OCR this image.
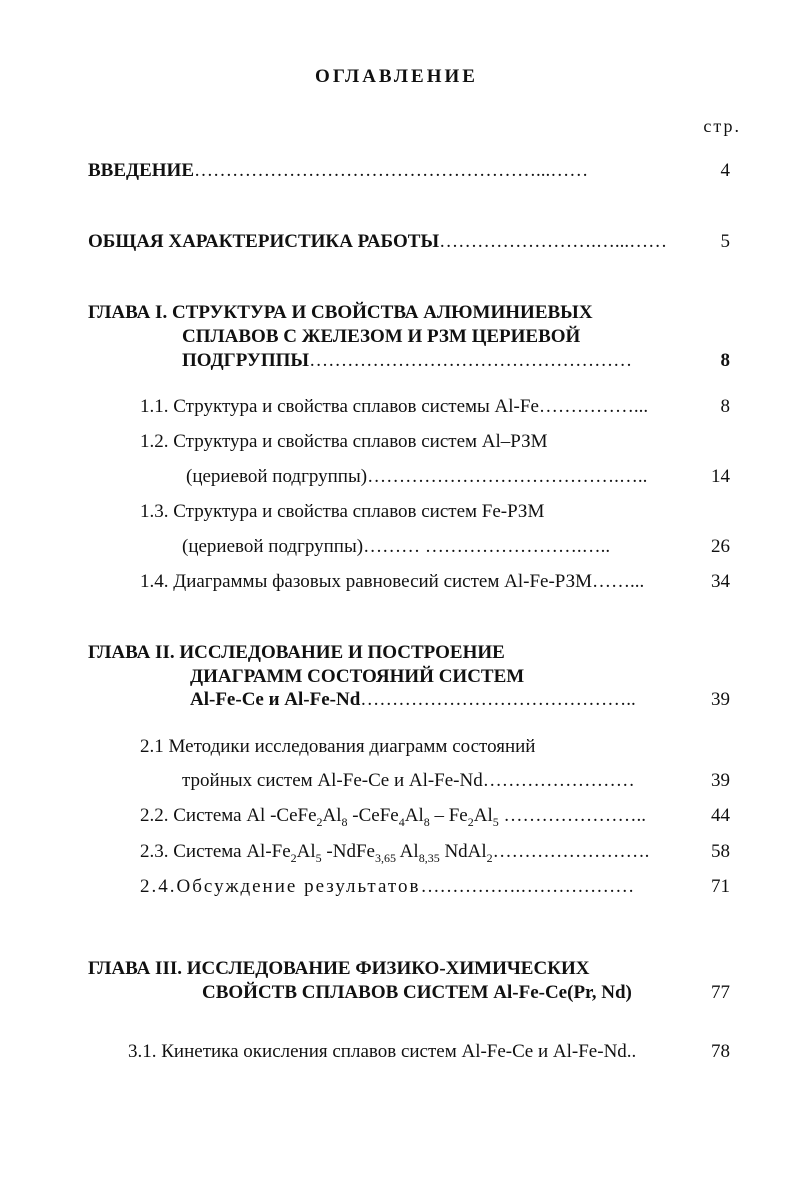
ОГЛАВЛЕНИЕ
стр.
ВВЕДЕНИЕ………………………………………………...……	4
ОБЩАЯ ХАРАКТЕРИСТИКА РАБОТЫ…………………….…...……	5
ГЛАВА I. СТРУКТУРА И СВОЙСТВА АЛЮМИНИЕВЫХ
СПЛАВОВ С ЖЕЛЕЗОМ И РЗМ ЦЕРИЕВОЙ
ПОДГРУППЫ……………………………………………	8
1.1. Структура и свойства сплавов системы Al-Fe……………...	8
1.2. Структура и свойства сплавов систем Al–РЗМ
(цериевой подгруппы)………………………………….…..	14
1.3. Структура и свойства сплавов систем Fe-РЗМ
(цериевой подгруппы)……… …………………….…..	26
1.4. Диаграммы фазовых равновесий систем Al-Fe-РЗМ……...	34
ГЛАВА II. ИССЛЕДОВАНИЕ И ПОСТРОЕНИЕ
ДИАГРАММ СОСТОЯНИЙ СИСТЕМ
Al-Fe-Ce и Al-Fe-Nd……………………………………..	39
2.1 Методики исследования диаграмм состояний
тройных систем Al-Fe-Ce и Al-Fe-Nd……………………	39
2.2. Система Al $-CeFe_2Al_8$ $-CeFe_4Al_8 - Fe_2Al_5$ …………………..	44
2.3. Система $Al-Fe_2Al_5$ -NdFe$_{3,65}$ $Al_{8,35}$ NdAl$_2$…………………….	58
2.4.Обсуждение результатов…………….………………	71
ГЛАВА III. ИССЛЕДОВАНИЕ ФИЗИКО-ХИМИЧЕСКИХ
СВОЙСТВ СПЛАВОВ СИСТЕМ Al-Fe-Ce(Pr, Nd)	77
3.1. Кинетика окисления сплавов систем Al-Fe-Ce и Al-Fe-Nd..	78
